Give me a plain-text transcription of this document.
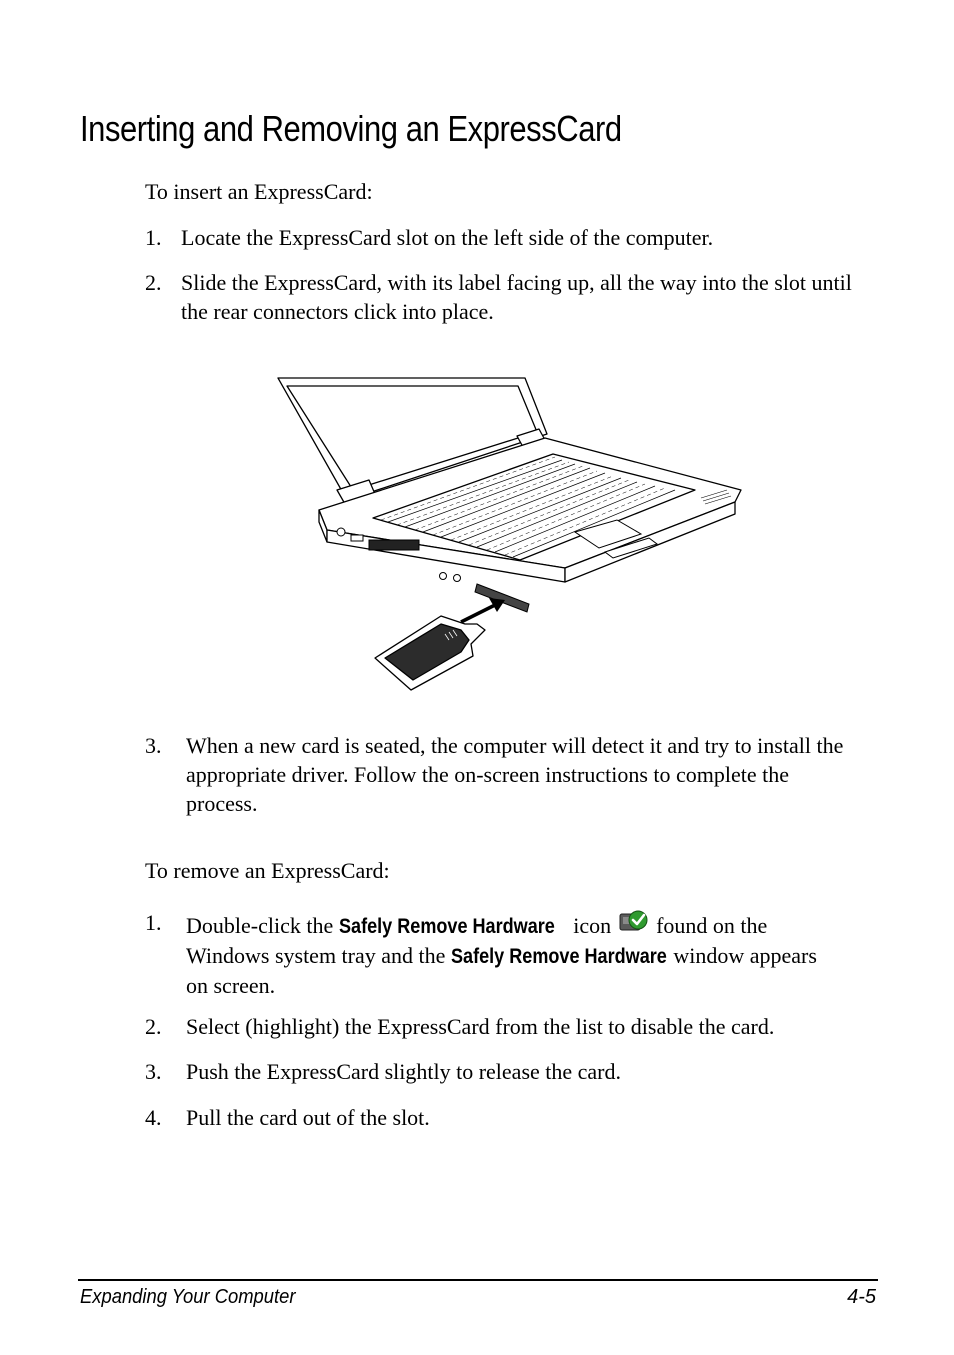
Inserting and Removing an ExpressCard

To insert an ExpressCard:

1. Locate the ExpressCard slot on the left side of the computer.
2. Slide the ExpressCard, with its label facing up, all the way into the slot until the rear connectors click into place.
3. When a new card is seated, the computer will detect it and try to install the appropriate driver. Follow the on-screen instructions to complete the process.

To remove an ExpressCard:

1. Double-click the Safely Remove Hardware icon  found on the Windows system tray and the Safely Remove Hardware window appears on screen.
2. Select (highlight) the ExpressCard from the list to disable the card.
3. Push the ExpressCard slightly to release the card.
4. Pull the card out of the slot.
Expanding Your Computer	4-5
